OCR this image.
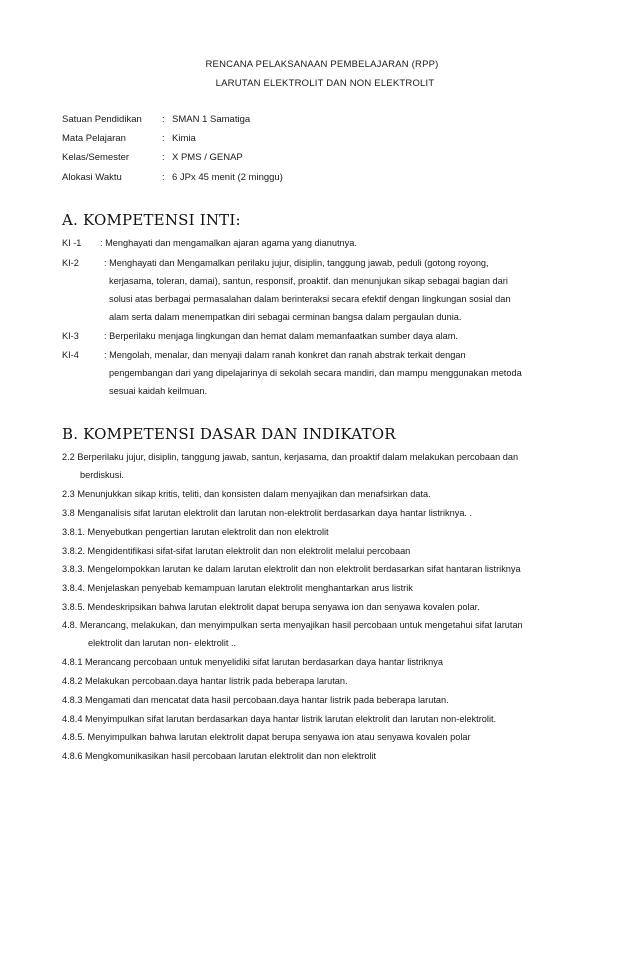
RENCANA PELAKSANAAN PEMBELAJARAN (RPP)
LARUTAN ELEKTROLIT DAN NON ELEKTROLIT
Satuan Pendidikan : SMAN 1 Samatiga
Mata Pelajaran	: Kimia
Kelas/Semester	: X PMS / GENAP
Alokasi Waktu	: 6 JPx 45 menit (2 minggu)
A. KOMPETENSI INTI:
KI -1 : Menghayati dan mengamalkan ajaran agama yang dianutnya.
KI-2	: Menghayati dan Mengamalkan perilaku jujur, disiplin, tanggung jawab, peduli (gotong royong,
kerjasama, toleran, damai), santun, responsif, proaktif. dan menunjukan sikap sebagai bagian dari
solusi atas berbagai permasalahan dalam berinteraksi secara efektif dengan lingkungan sosial dan
alam serta dalam menempatkan diri sebagai cerminan bangsa dalam pergaulan dunia.
KI-3	: Berperilaku menjaga lingkungan dan hemat dalam memanfaatkan sumber daya alam.
KI-4	: Mengolah, menalar, dan menyaji dalam ranah konkret dan ranah abstrak terkait dengan
pengembangan dari yang dipelajarinya di sekolah secara mandiri, dan mampu menggunakan metoda
sesuai kaidah keilmuan.
B. KOMPETENSI DASAR DAN INDIKATOR
2.2 Berperilaku jujur, disiplin, tanggung jawab, santun, kerjasama, dan proaktif dalam melakukan percobaan dan
berdiskusi.
2.3 Menunjukkan sikap kritis, teliti, dan konsisten dalam menyajikan dan menafsirkan data.
3.8 Menganalisis sifat larutan elektrolit dan larutan non-elektrolit berdasarkan daya hantar listriknya. .
3.8.1. Menyebutkan pengertian larutan elektrolit dan non elektrolit
3.8.2. Mengidentifikasi sifat-sifat larutan elektrolit dan non elektrolit melalui percobaan
3.8.3. Mengelompokkan larutan ke dalam larutan elektrolit dan non elektrolit berdasarkan sifat hantaran listriknya
3.8.4. Menjelaskan penyebab kemampuan larutan elektrolit menghantarkan arus listrik
3.8.5. Mendeskripsikan bahwa larutan elektrolit dapat berupa senyawa ion dan senyawa kovalen polar.
4.8. Merancang, melakukan, dan menyimpulkan serta menyajikan hasil percobaan untuk mengetahui sifat larutan
elektrolit dan larutan non- elektrolit ..
4.8.1 Merancang percobaan untuk menyelidiki sifat larutan berdasarkan daya hantar listriknya
4.8.2 Melakukan percobaan.daya hantar listrik pada beberapa larutan.
4.8.3 Mengamati dan mencatat data hasil percobaan.daya hantar listrik pada beberapa larutan.
4.8.4 Menyimpulkan sifat larutan berdasarkan daya hantar listrik larutan elektrolit dan larutan non-elektrolit.
4.8.5. Menyimpulkan bahwa larutan elektrolit dapat berupa senyawa ion atau senyawa kovalen polar
4.8.6 Mengkomunikasikan hasil percobaan larutan elektrolit dan non elektrolit
